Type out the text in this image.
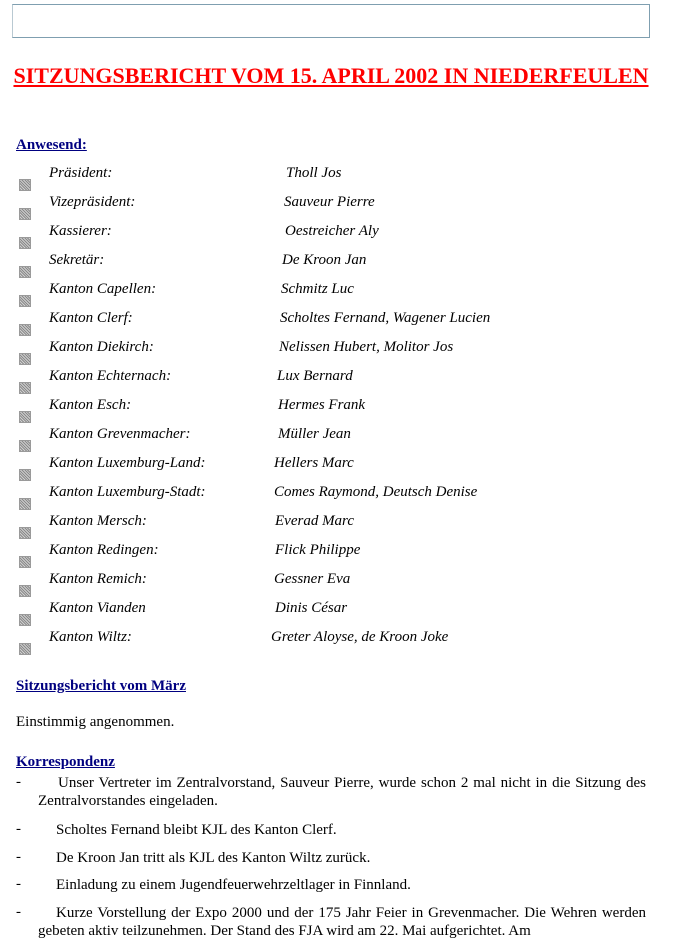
SITZUNGSBERICHT VOM 15. APRIL 2002 IN NIEDERFEULEN
Anwesend:
Präsident:	Tholl Jos
Vizepräsident:	Sauveur Pierre
Kassierer:	Oestreicher Aly
Sekretär:	De Kroon Jan
Kanton Capellen:	Schmitz Luc
Kanton Clerf:	Scholtes Fernand, Wagener Lucien
Kanton Diekirch:	Nelissen Hubert, Molitor Jos
Kanton Echternach:	Lux Bernard
Kanton Esch:	Hermes Frank
Kanton Grevenmacher:	Müller Jean
Kanton Luxemburg-Land:	Hellers Marc
Kanton Luxemburg-Stadt:	Comes Raymond, Deutsch Denise
Kanton Mersch:	Everad Marc
Kanton Redingen:	Flick Philippe
Kanton Remich:	Gessner Eva
Kanton Vianden	Dinis César
Kanton Wiltz:	Greter Aloyse, de Kroon Joke
Sitzungsbericht vom März
Einstimmig angenommen.
Korrespondenz
-	Unser Vertreter im Zentralvorstand, Sauveur Pierre, wurde schon 2 mal nicht in die Sitzung des Zentralvorstandes eingeladen.
-	Scholtes Fernand bleibt KJL des Kanton Clerf.
-	De Kroon Jan tritt als KJL des Kanton Wiltz zurück.
-	Einladung zu einem Jugendfeuerwehrzeltlager in Finnland.
-	Kurze Vorstellung der Expo 2000 und der 175 Jahr Feier in Grevenmacher. Die Wehren werden gebeten aktiv teilzunehmen. Der Stand des FJA wird am 22. Mai aufgerichtet. Am
